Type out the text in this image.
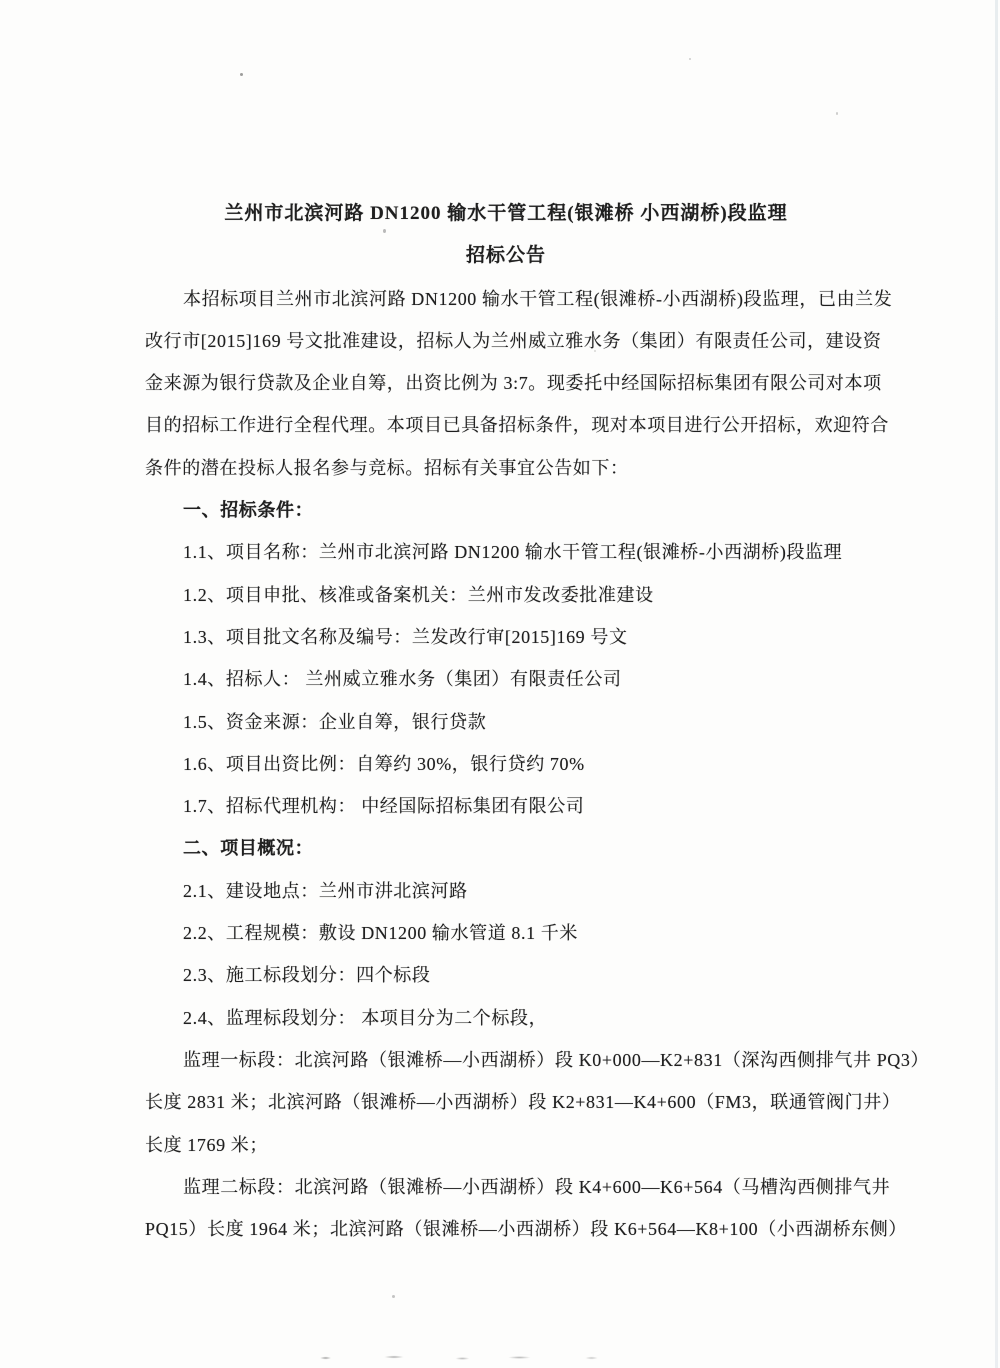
兰州市北滨河路 DN1200 输水干管工程(银滩桥 小西湖桥)段监理
招标公告
本招标项目兰州市北滨河路 DN1200 输水干管工程(银滩桥-小西湖桥)段监理，已由兰发
改行市[2015]169 号文批准建设，招标人为兰州威立雅水务（集团）有限责任公司，建设资
金来源为银行贷款及企业自筹，出资比例为 3:7。现委托中经国际招标集团有限公司对本项
目的招标工作进行全程代理。本项目已具备招标条件，现对本项目进行公开招标，欢迎符合
条件的潜在投标人报名参与竞标。招标有关事宜公告如下：
一、招标条件：
1.1、项目名称：兰州市北滨河路 DN1200 输水干管工程(银滩桥-小西湖桥)段监理
1.2、项目申批、核准或备案机关：兰州市发改委批准建设
1.3、项目批文名称及编号：兰发改行审[2015]169 号文
1.4、招标人： 兰州威立雅水务（集团）有限责任公司
1.5、资金来源：企业自筹，银行贷款
1.6、项目出资比例：自筹约 30%，银行贷约 70%
1.7、招标代理机构： 中经国际招标集团有限公司
二、项目概况：
2.1、建设地点：兰州市汫北滨河路
2.2、工程规模：敷设 DN1200 输水管道 8.1 千米
2.3、施工标段划分：四个标段
2.4、监理标段划分： 本项目分为二个标段，
监理一标段：北滨河路（银滩桥—小西湖桥）段 K0+000—K2+831（深沟西侧排气井 PQ3）
长度 2831 米；北滨河路（银滩桥—小西湖桥）段 K2+831—K4+600（FM3，联通管阀门井）
长度 1769 米；
监理二标段：北滨河路（银滩桥—小西湖桥）段 K4+600—K6+564（马槽沟西侧排气井
PQ15）长度 1964 米；北滨河路（银滩桥—小西湖桥）段 K6+564—K8+100（小西湖桥东侧）
